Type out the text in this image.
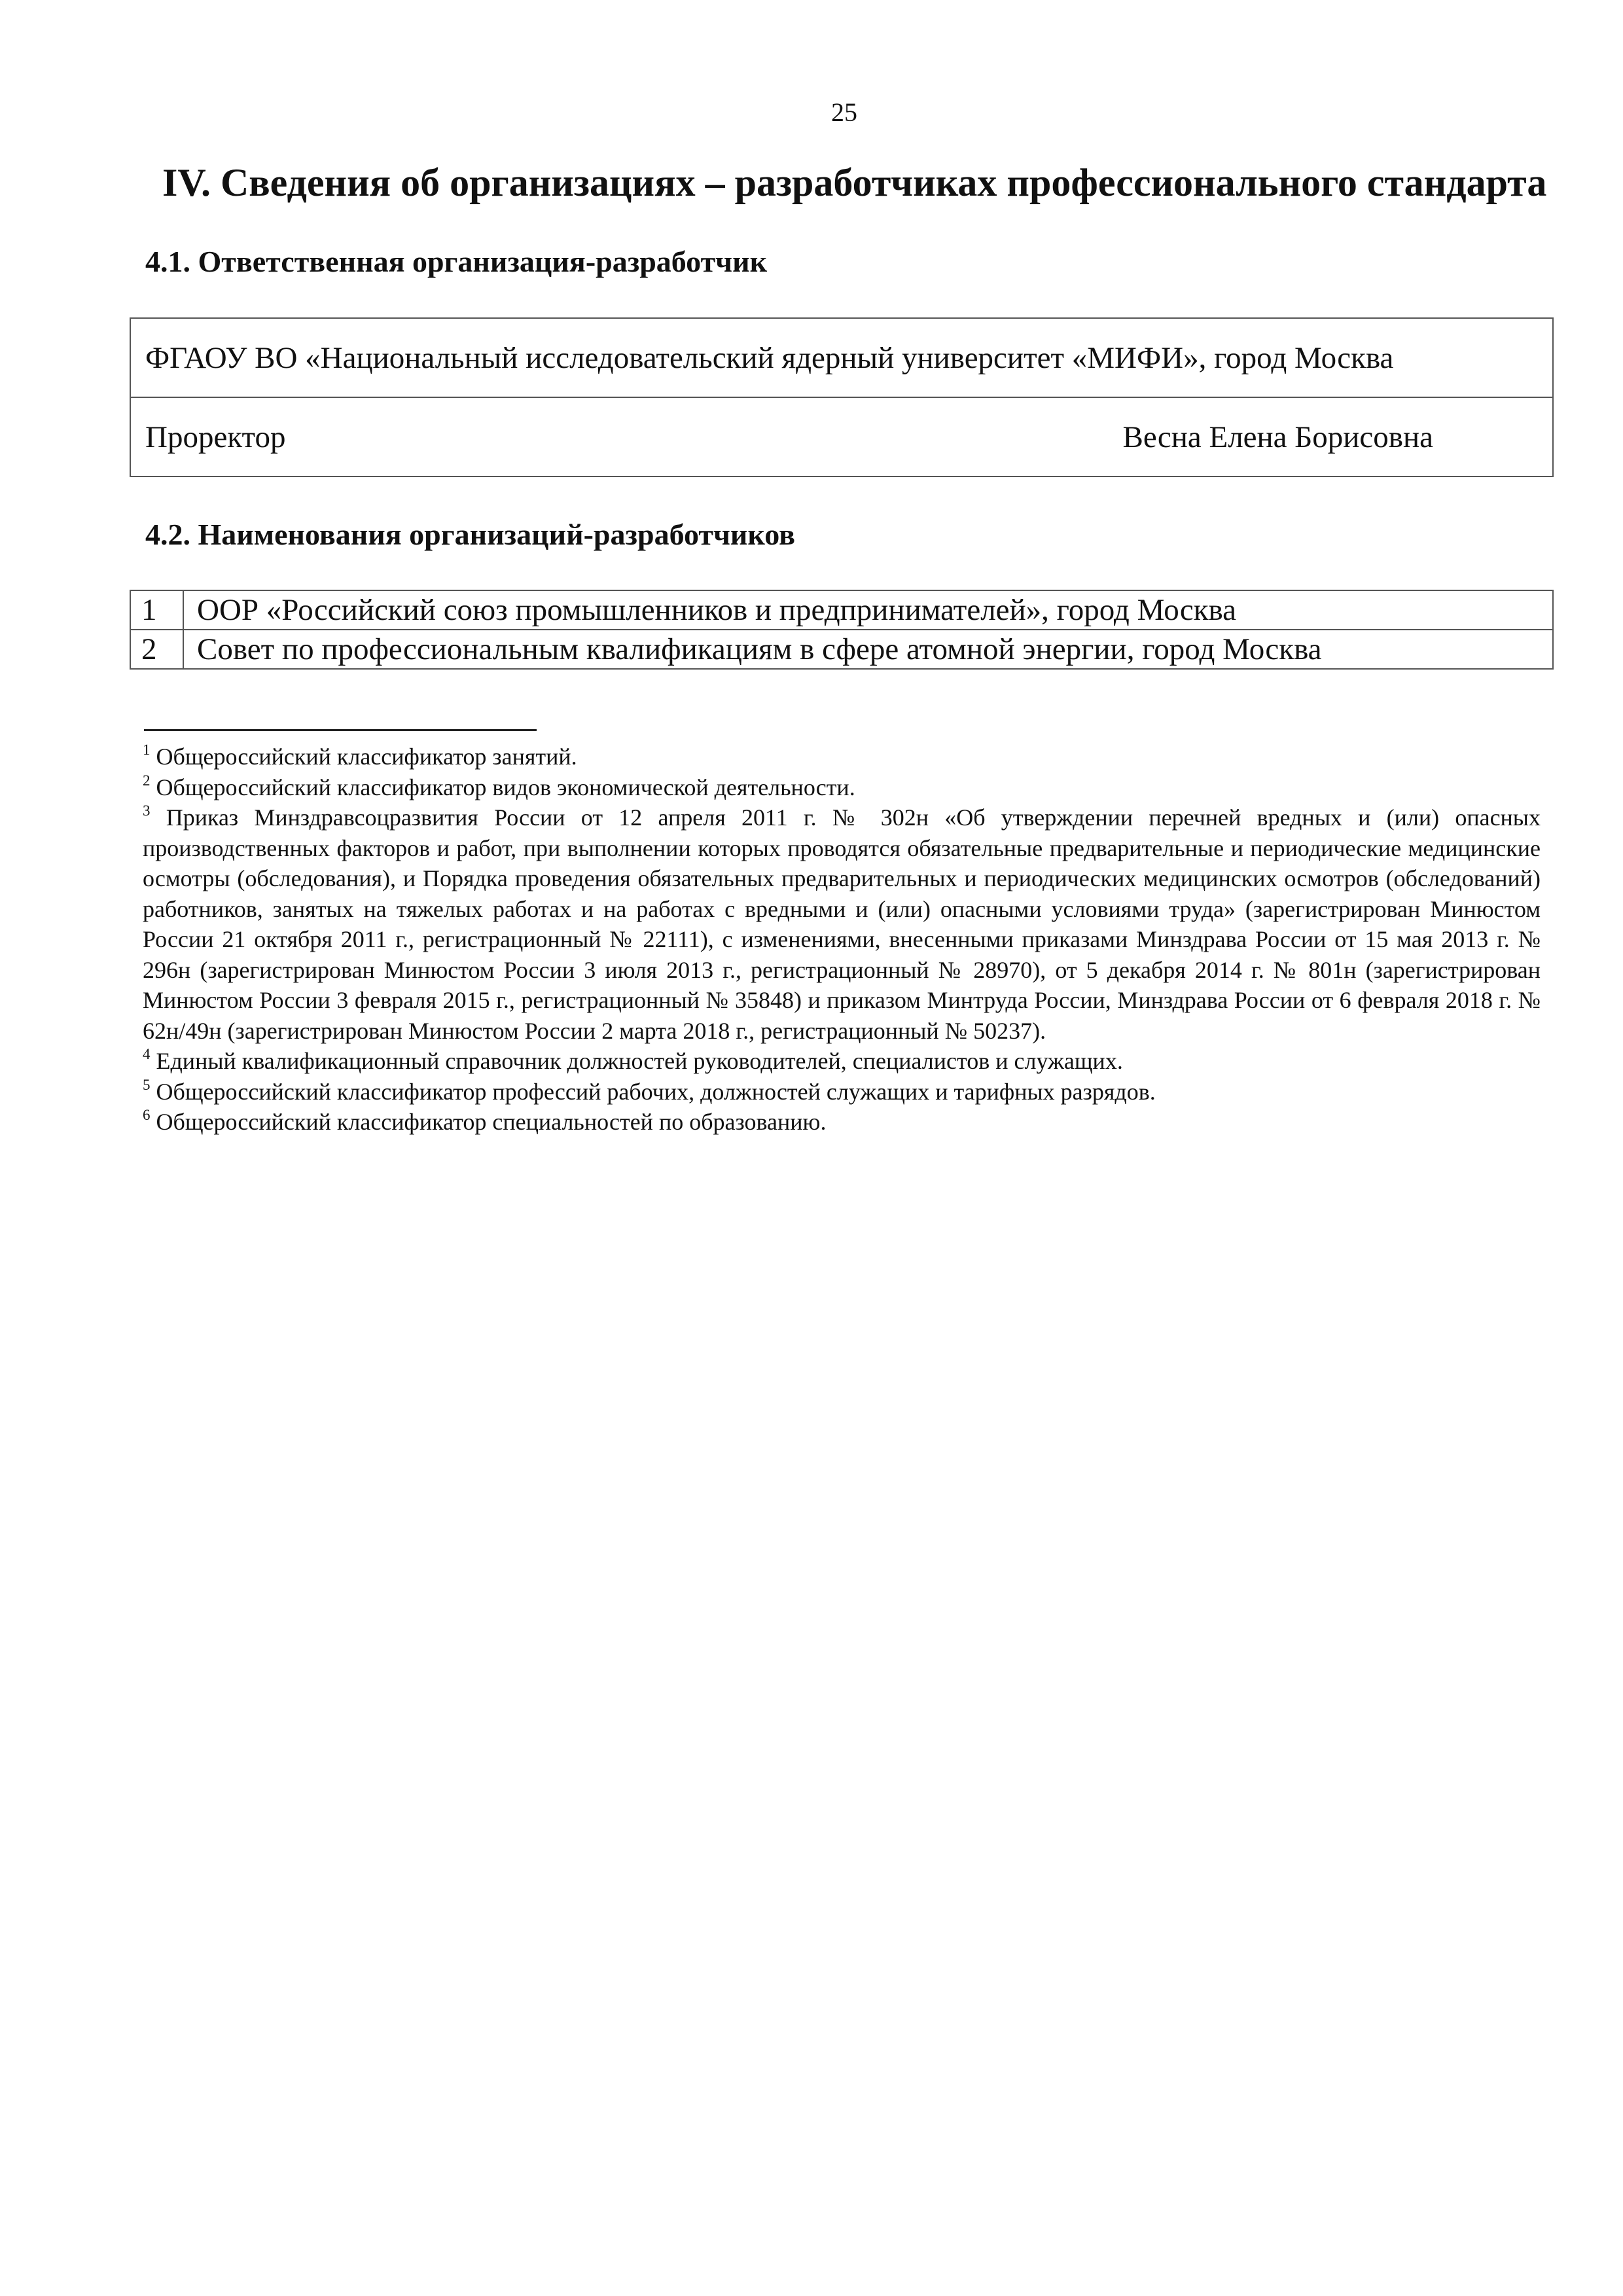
25
IV. Сведения об организациях – разработчиках профессионального стандарта
4.1. Ответственная организация-разработчик
ФГАОУ ВО «Национальный исследовательский ядерный университет «МИФИ», город Москва

Проректор	Весна Елена Борисовна
4.2. Наименования организаций-разработчиков
1	ООР «Российский союз промышленников и предпринимателей», город Москва
2	Совет по профессиональным квалификациям в сфере атомной энергии, город Москва

$^1$ Общероссийский классификатор занятий.

$^2$ Общероссийский классификатор видов экономической деятельности.

$^3$ Приказ Минздравсоцразвития России от 12 апреля 2011 г. № 302н «Об утверждении перечней вредных и (или) опасных производственных факторов и работ, при выполнении которых проводятся обязательные предварительные и периодические медицинские осмотры (обследования), и Порядка проведения обязательных предварительных и периодических медицинских осмотров (обследований) работников, занятых на тяжелых работах и на работах с вредными и (или) опасными условиями труда» (зарегистрирован Минюстом России 21 октября 2011 г., регистрационный № 22111), с изменениями, внесенными приказами Минздрава России от 15 мая 2013 г. № 296н (зарегистрирован Минюстом России 3 июля 2013 г., регистрационный № 28970), от 5 декабря 2014 г. № 801н (зарегистрирован Минюстом России 3 февраля 2015 г., регистрационный № 35848) и приказом Минтруда России, Минздрава России от 6 февраля 2018 г. № 62н/49н (зарегистрирован Минюстом России 2 марта 2018 г., регистрационный № 50237).

$^4$ Единый квалификационный справочник должностей руководителей, специалистов и служащих.

$^5$ Общероссийский классификатор профессий рабочих, должностей служащих и тарифных разрядов.

$^6$ Общероссийский классификатор специальностей по образованию.
